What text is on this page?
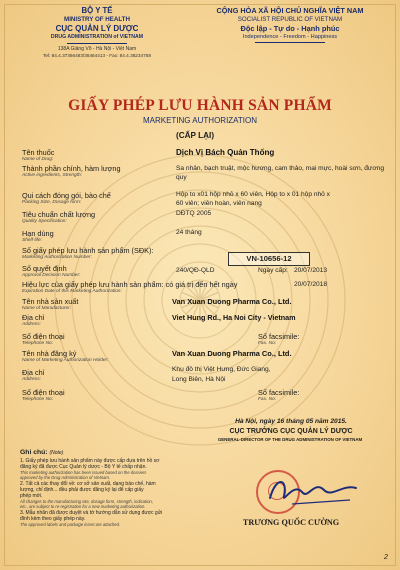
BỘ Y TẾ
MINISTRY OF HEALTH
CỤC QUẢN LÝ DƯỢC
DRUG ADMINISTRATION of VIETNAM
138A Giảng Võ - Hà Nội - Việt Nam
Tel: 84.4.37366483/38464413 - Fax: 84.4.38234758
CỘNG HÒA XÃ HỘI CHỦ NGHĨA VIỆT NAM
SOCIALIST REPUBLIC OF VIETNAM
Độc lập - Tự do - Hạnh phúc
Independence - Freedom - Happiness
GIẤY PHÉP LƯU HÀNH SẢN PHẨM
MARKETING AUTHORIZATION
(CẤP LẠI)
Tên thuốc
Name of Drug:
Dịch Vị Bách Quản Thống
Thành phần chính, hàm lượng
Active ingredients, Strength:
Sa nhân, bạch truật, mộc hương, cam thảo, mai mực, hoài sơn, đương quy
Qui cách đóng gói, bào chế
Packing Size, Dosage form:
Hộp to x01 hộp nhỏ x 60 viên, Hộp to x 01 hộp nhỏ x
60 viên; viên hoàn, viên nang
Tiêu chuẩn chất lượng
Quality Specification:
DĐTQ 2005
Hạn dùng
Shelf-life:
24 tháng
Số giấy phép lưu hành sản phẩm (SĐK):
Marketing Authorization Number:	VN-10656-12
Số quyết định
Approval Decision Number:
240/QĐ-QLD	Ngày cấp: 20/07/2013
Hiệu lực của giấy phép lưu hành sản phẩm: có giá trị đến hết ngày	20/07/2018
Expiration Date of this Marketing Authorization:
Tên nhà sản xuất
Name of Manufacturer:
Van Xuan Duong Pharma Co., Ltd.
Địa chỉ
Address:
Viet Hung Rd., Ha Noi City - Vietnam
Số điện thoại
Telephone No:
Số facsimile:
Fax. No:
Tên nhà đăng ký
Name of Marketing Authorization Holder:
Van Xuan Duong Pharma Co., Ltd.
Địa chỉ
Address:
Khu đô thị Việt Hưng, Đức Giang,
Long Biên, Hà Nội
Số điện thoại
Telephone No:
Số facsimile:
Fax. No:
Hà Nội, ngày 16 tháng 05 năm 2015.
CỤC TRƯỞNG CỤC QUẢN LÝ DƯỢC
GENERAL-DIRECTOR OF THE DRUG ADMINISTRATION OF VIETNAM
TRƯƠNG QUỐC CƯỜNG
Ghi chú: (Note)
1. Giấy phép lưu hành sản phẩm này được cấp dựa trên hồ sơ
đăng ký đã được Cục Quản lý dược - Bộ Y tế chấp nhận.
This marketing authorization has been issued based on the dossiers
approved by the Drug Administration of Vietnam.
2. Tất cả các thay đổi về: cơ sở sản xuất, dạng bào chế, hàm
lượng, chỉ định... đều phải được đăng ký lại để cấp giấy
phép mới.
All changes to the manufacturing site, dosage form, strength, indication,
etc., are subject to re-registration for a new marketing authorization.
3. Mẫu nhãn đã được duyệt và tờ hướng dẫn sử dụng được gửi
đính kèm theo giấy phép này.
The approved labels and package insert are attached.
2
